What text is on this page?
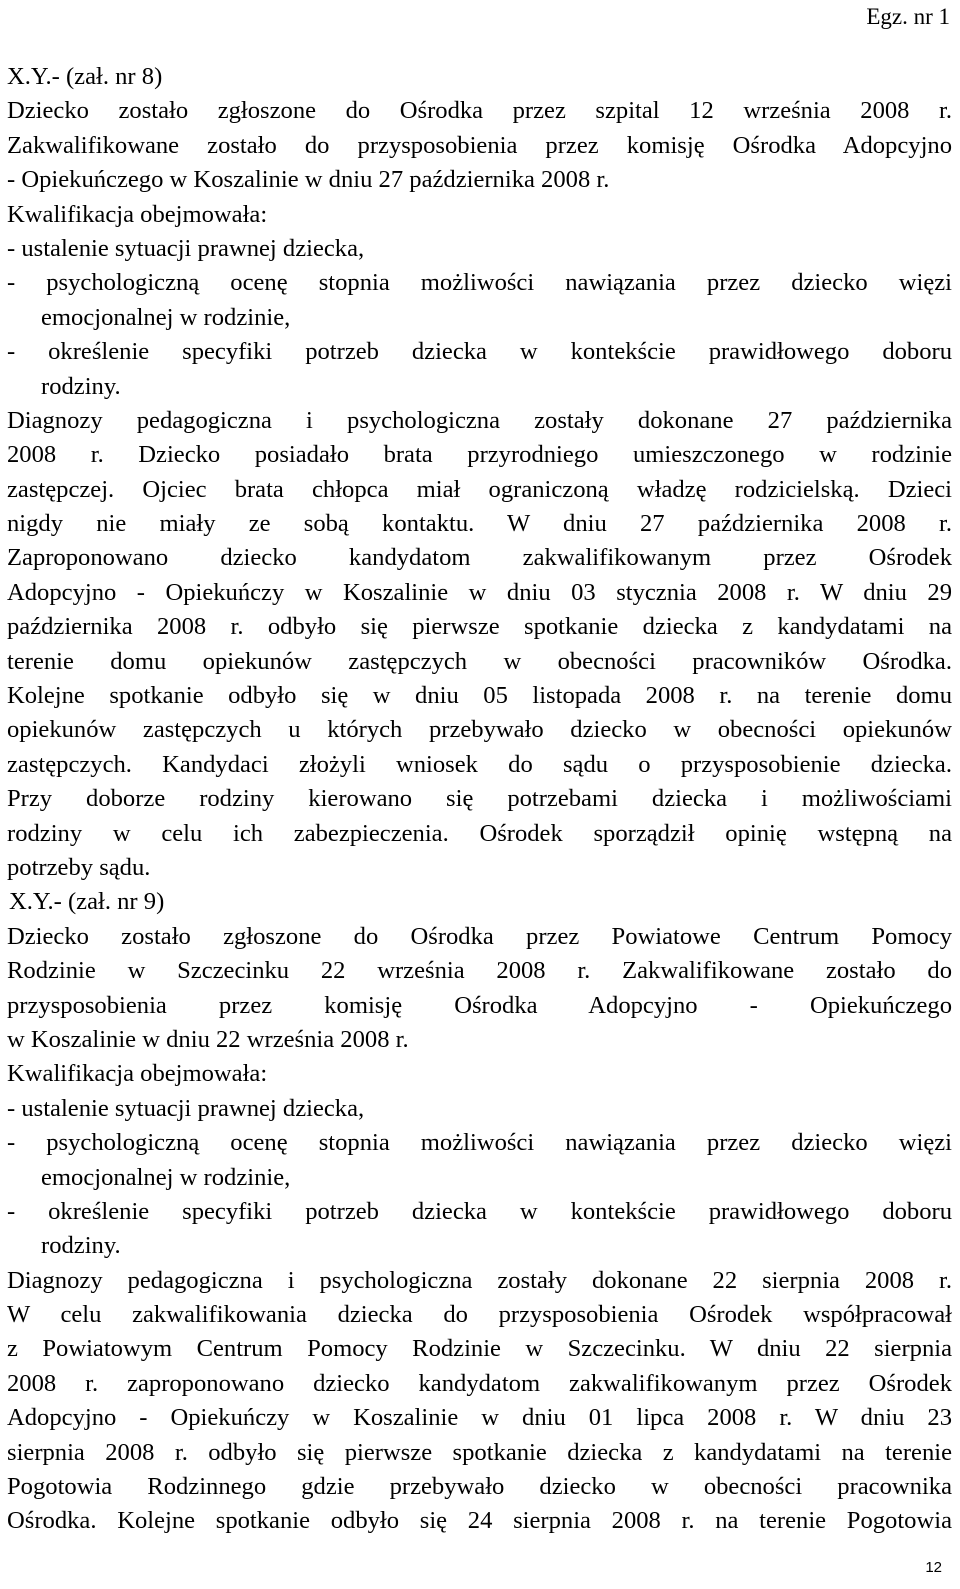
Egz. nr 1

X.Y.- (zał. nr 8)

Dziecko zostało zgłoszone do Ośrodka przez szpital 12 września 2008 r.

Zakwalifikowane zostało do przysposobienia przez komisję Ośrodka Adopcyjno

- Opiekuńczego w Koszalinie w dniu 27 października 2008 r.

Kwalifikacja obejmowała:

- ustalenie sytuacji prawnej dziecka,

- psychologiczną ocenę stopnia możliwości nawiązania przez dziecko więzi

emocjonalnej w rodzinie,

- określenie specyfiki potrzeb dziecka w kontekście prawidłowego doboru

rodziny.

Diagnozy pedagogiczna i psychologiczna zostały dokonane 27 października

2008 r. Dziecko posiadało brata przyrodniego umieszczonego w rodzinie

zastępczej. Ojciec brata chłopca miał ograniczoną władzę rodzicielską. Dzieci

nigdy nie miały ze sobą kontaktu. W dniu 27 października 2008 r.

Zaproponowano dziecko kandydatom zakwalifikowanym przez Ośrodek

Adopcyjno - Opiekuńczy w Koszalinie w dniu 03 stycznia 2008 r. W dniu 29

października 2008 r. odbyło się pierwsze spotkanie dziecka z kandydatami na

terenie domu opiekunów zastępczych w obecności pracowników Ośrodka.

Kolejne spotkanie odbyło się w dniu 05 listopada 2008 r. na terenie domu

opiekunów zastępczych u których przebywało dziecko w obecności opiekunów

zastępczych. Kandydaci złożyli wniosek do sądu o przysposobienie dziecka.

Przy doborze rodziny kierowano się potrzebami dziecka i możliwościami

rodziny w celu ich zabezpieczenia. Ośrodek sporządził opinię wstępną na

potrzeby sądu.

X.Y.- (zał. nr 9)

Dziecko zostało zgłoszone do Ośrodka przez Powiatowe Centrum Pomocy

Rodzinie w Szczecinku 22 września 2008 r. Zakwalifikowane zostało do

przysposobienia przez komisję Ośrodka Adopcyjno - Opiekuńczego

w Koszalinie w dniu 22 września 2008 r.

Kwalifikacja obejmowała:

- ustalenie sytuacji prawnej dziecka,

- psychologiczną ocenę stopnia możliwości nawiązania przez dziecko więzi

emocjonalnej w rodzinie,

- określenie specyfiki potrzeb dziecka w kontekście prawidłowego doboru

rodziny.

Diagnozy pedagogiczna i psychologiczna zostały dokonane 22 sierpnia 2008 r.

W celu zakwalifikowania dziecka do przysposobienia Ośrodek współpracował

z Powiatowym Centrum Pomocy Rodzinie w Szczecinku. W dniu 22 sierpnia

2008 r. zaproponowano dziecko kandydatom zakwalifikowanym przez Ośrodek

Adopcyjno - Opiekuńczy w Koszalinie w dniu 01 lipca 2008 r. W dniu 23

sierpnia 2008 r. odbyło się pierwsze spotkanie dziecka z kandydatami na terenie

Pogotowia Rodzinnego gdzie przebywało dziecko w obecności pracownika

Ośrodka. Kolejne spotkanie odbyło się 24 sierpnia 2008 r. na terenie Pogotowia

12
